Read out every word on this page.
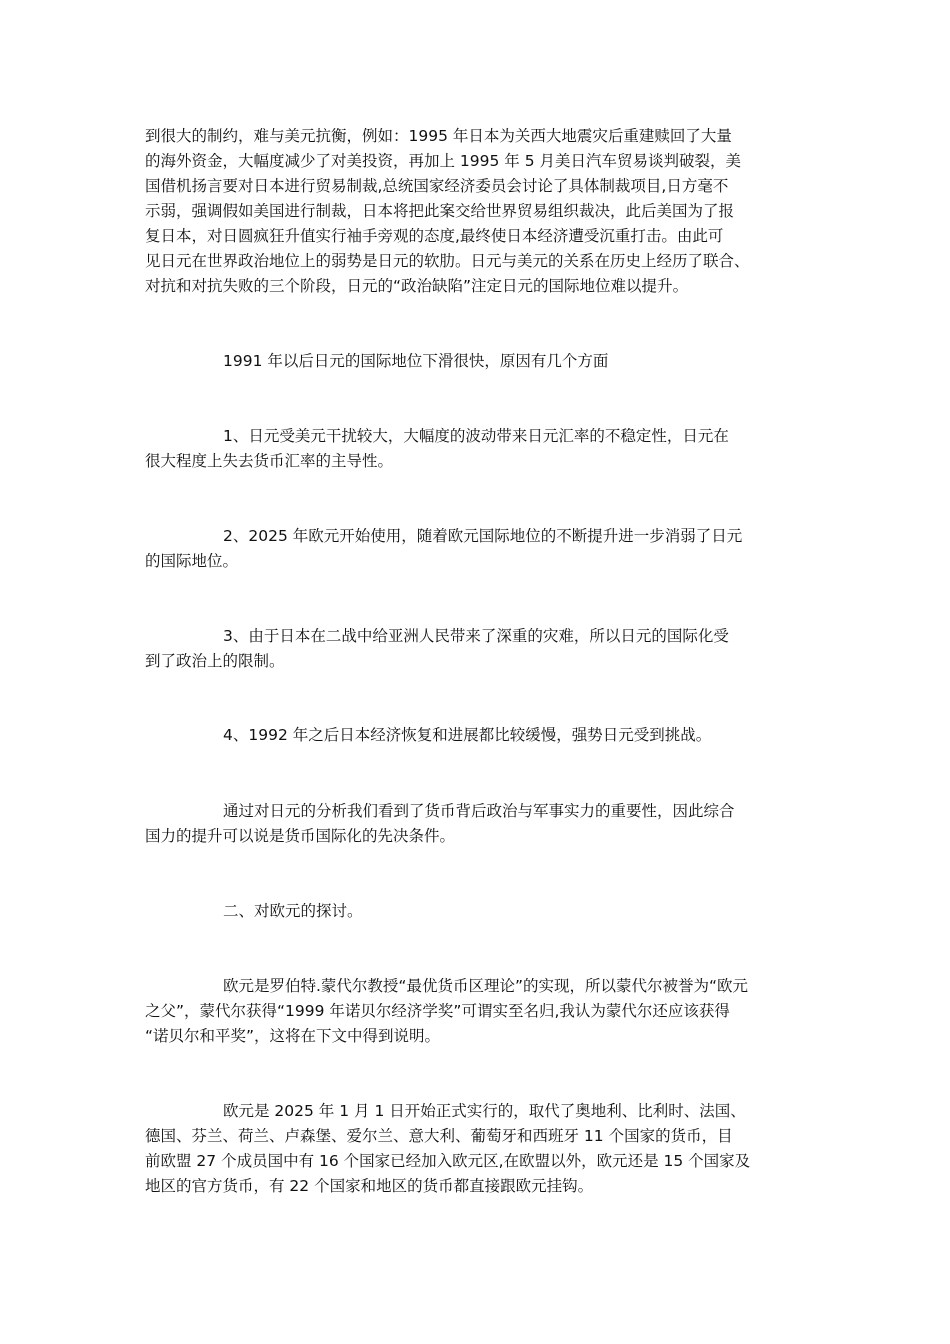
到很大的制约，难与美元抗衡，例如：1995 年日本为关西大地震灾后重建赎回了大量
的海外资金，大幅度减少了对美投资，再加上 1995 年 5 月美日汽车贸易谈判破裂，美
国借机扬言要对日本进行贸易制裁,总统国家经济委员会讨论了具体制裁项目,日方毫不
示弱，强调假如美国进行制裁，日本将把此案交给世界贸易组织裁决，此后美国为了报
复日本，对日圆疯狂升值实行袖手旁观的态度,最终使日本经济遭受沉重打击。由此可
见日元在世界政治地位上的弱势是日元的软肋。日元与美元的关系在历史上经历了联合、
对抗和对抗失败的三个阶段，日元的“政治缺陷”注定日元的国际地位难以提升。
1991 年以后日元的国际地位下滑很快，原因有几个方面
1、日元受美元干扰较大，大幅度的波动带来日元汇率的不稳定性，日元在
很大程度上失去货币汇率的主导性。
2、2025 年欧元开始使用，随着欧元国际地位的不断提升进一步消弱了日元
的国际地位。
3、由于日本在二战中给亚洲人民带来了深重的灾难，所以日元的国际化受
到了政治上的限制。
4、1992 年之后日本经济恢复和进展都比较缓慢，强势日元受到挑战。
通过对日元的分析我们看到了货币背后政治与军事实力的重要性，因此综合
国力的提升可以说是货币国际化的先决条件。
二、对欧元的探讨。
欧元是罗伯特.蒙代尔教授“最优货币区理论”的实现，所以蒙代尔被誉为“欧元
之父”，蒙代尔获得“1999 年诺贝尔经济学奖”可谓实至名归,我认为蒙代尔还应该获得
“诺贝尔和平奖”，这将在下文中得到说明。
欧元是 2025 年 1 月 1 日开始正式实行的，取代了奥地利、比利时、法国、
德国、芬兰、荷兰、卢森堡、爱尔兰、意大利、葡萄牙和西班牙 11 个国家的货币，目
前欧盟 27 个成员国中有 16 个国家已经加入欧元区,在欧盟以外，欧元还是 15 个国家及
地区的官方货币，有 22 个国家和地区的货币都直接跟欧元挂钩。
